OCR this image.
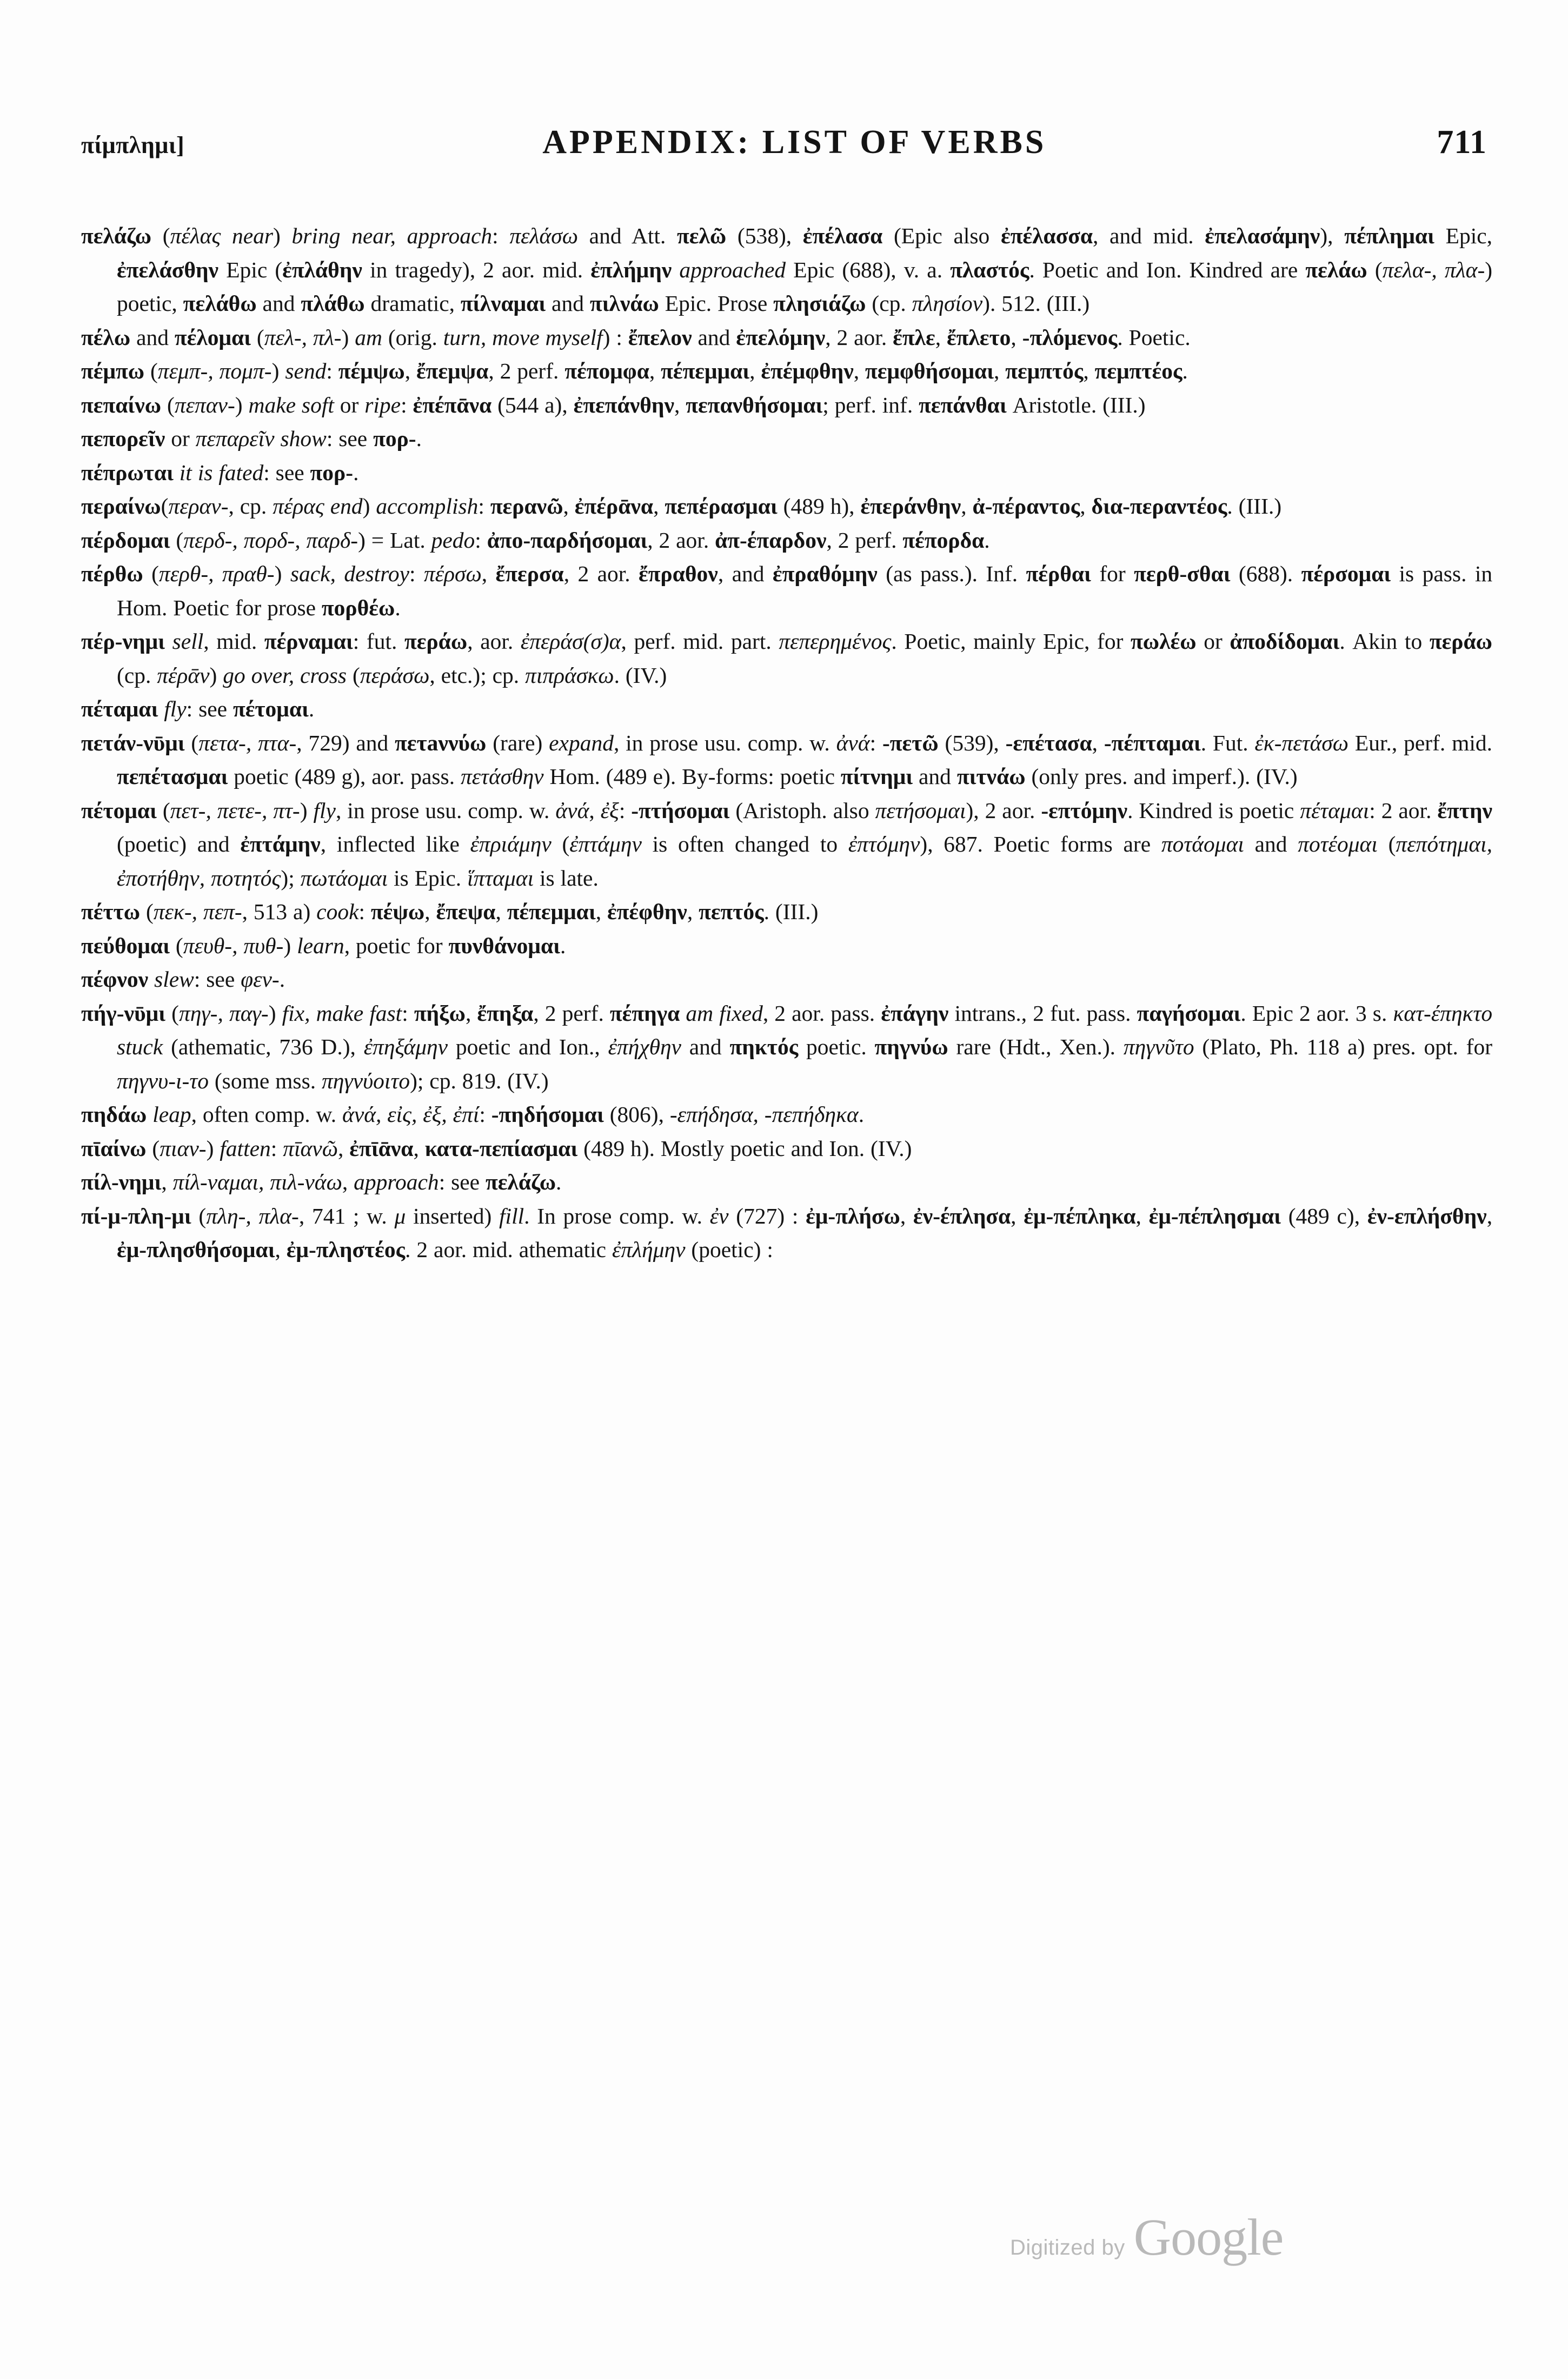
πίμπλημι]	APPENDIX: LIST OF VERBS	711

πελάζω (πέλας near) bring near, approach: πελάσω and Att. πελῶ (538), ἐπέλασα (Epic also ἐπέλασσα, and mid. ἐπελασάμην), πέπλημαι Epic, ἐπελάσθην Epic (ἐπλάθην in tragedy), 2 aor. mid. ἐπλήμην approached Epic (688), v. a. πλαστός. Poetic and Ion. Kindred are πελάω (πελα-, πλα-) poetic, πελάθω and πλάθω dramatic, πίλναμαι and πιλνάω Epic. Prose πλησιάζω (cp. πλησίον). 512. (III.)

πέλω and πέλομαι (πελ-, πλ-) am (orig. turn, move myself) : ἔπελον and ἐπελόμην, 2 aor. ἔπλε, ἔπλετο, -πλόμενος. Poetic.

πέμπω (πεμπ-, πομπ-) send: πέμψω, ἔπεμψα, 2 perf. πέπομφα, πέπεμμαι, ἐπέμφθην, πεμφθήσομαι, πεμπτός, πεμπτέος.

πεπαίνω (πεπαν-) make soft or ripe: ἐπέπᾱνα (544 a), ἐπεπάνθην, πεπανθήσομαι; perf. inf. πεπάνθαι Aristotle. (III.)

πεπορεῖν or πεπαρεῖν show: see πορ-.

πέπρωται it is fated: see πορ-.

περαίνω(περαν-, cp. πέρας end) accomplish: περανῶ, ἐπέρᾱνα, πεπέρασμαι (489 h), ἐπεράνθην, ἀ-πέραντος, δια-περαντέος. (III.)

πέρδομαι (περδ-, πορδ-, παρδ-) = Lat. pedo: ἀπο-παρδήσομαι, 2 aor. ἀπ-έπαρδον, 2 perf. πέπορδα.

πέρθω (περθ-, πραθ-) sack, destroy: πέρσω, ἔπερσα, 2 aor. ἔπραθον, and ἐπραθόμην (as pass.). Inf. πέρθαι for περθ-σθαι (688). πέρσομαι is pass. in Hom. Poetic for prose πορθέω.

πέρ-νημι sell, mid. πέρναμαι: fut. περάω, aor. ἐπεράσ(σ)α, perf. mid. part. πεπερημένος. Poetic, mainly Epic, for πωλέω or ἀποδίδομαι. Akin to περάω (cp. πέρᾱν) go over, cross (περάσω, etc.); cp. πιπράσκω. (IV.)

πέταμαι fly: see πέτομαι.

πετάν-νῡμι (πετα-, πτα-, 729) and πετaννύω (rare) expand, in prose usu. comp. w. ἀνά: -πετῶ (539), -επέτασα, -πέπταμαι. Fut. ἐκ-πετάσω Eur., perf. mid. πεπέτασμαι poetic (489 g), aor. pass. πετάσθην Hom. (489 e). By-forms: poetic πίτνημι and πιτνάω (only pres. and imperf.). (IV.)

πέτομαι (πετ-, πετε-, πτ-) fly, in prose usu. comp. w. ἀνά, ἐξ: -πτήσομαι (Aristoph. also πετήσομαι), 2 aor. -επτόμην. Kindred is poetic πέταμαι: 2 aor. ἔπτην (poetic) and ἐπτάμην, inflected like ἐπριάμην (ἐπτάμην is often changed to ἐπτόμην), 687. Poetic forms are ποτάομαι and ποτέομαι (πεπότημαι, ἐποτήθην, ποτητός); πωτάομαι is Epic. ἵπταμαι is late.

πέττω (πεκ-, πεπ-, 513 a) cook: πέψω, ἔπεψα, πέπεμμαι, ἐπέφθην, πεπτός. (III.)

πεύθομαι (πευθ-, πυθ-) learn, poetic for πυνθάνομαι.

πέφνον slew: see φεν-.

πήγ-νῡμι (πηγ-, παγ-) fix, make fast: πήξω, ἔπηξα, 2 perf. πέπηγα am fixed, 2 aor. pass. ἐπάγην intrans., 2 fut. pass. παγήσομαι. Epic 2 aor. 3 s. κατ-έπηκτο stuck (athematic, 736 D.), ἐπηξάμην poetic and Ion., ἐπήχθην and πηκτός poetic. πηγνύω rare (Hdt., Xen.). πηγνῦτο (Plato, Ph. 118 a) pres. opt. for πηγνυ-ι-το (some mss. πηγνύοιτο); cp. 819. (IV.)

πηδάω leap, often comp. w. ἀνά, εἰς, ἐξ, ἐπί: -πηδήσομαι (806), -επήδησα, -πεπήδηκα.

πῑαίνω (πιαν-) fatten: πῑανῶ, ἐπῑᾱνα, κατα-πεπίασμαι (489 h). Mostly poetic and Ion. (IV.)

πίλ-νημι, πίλ-ναμαι, πιλ-νάω, approach: see πελάζω.

πί-μ-πλη-μι (πλη-, πλα-, 741 ; w. μ inserted) fill. In prose comp. w. ἐν (727) : ἐμ-πλήσω, ἐν-έπλησα, ἐμ-πέπληκα, ἐμ-πέπλησμαι (489 c), ἐν-επλήσθην, ἐμ-πλησθήσομαι, ἐμ-πληστέος. 2 aor. mid. athematic ἐπλήμην (poetic) :

Digitized by Google
